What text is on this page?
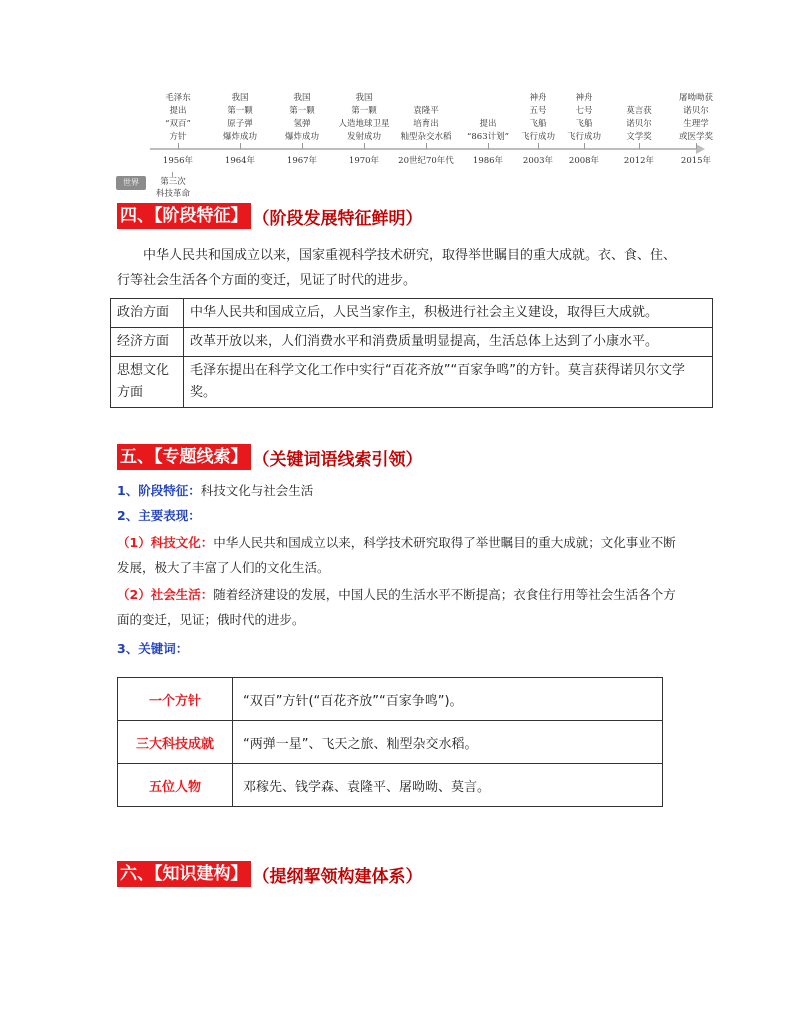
毛泽东
提出
“双百”
方针
1956年
我国
第一颗
原子弹
爆炸成功
1964年
我国
第一颗
氢弹
爆炸成功
1967年
我国
第一颗
人造地球卫星
发射成功
1970年
袁隆平
培育出
籼型杂交水稻
20世纪70年代
提出
“863计划”
1986年
神舟
五号
飞船
飞行成功
2003年
神舟
七号
飞船
飞行成功
2008年
莫言获
诺贝尔
文学奖
2012年
屠呦呦获
诺贝尔
生理学
或医学奖
2015年
世界	第三次
科技革命
四、【阶段特征】 （阶段发展特征鲜明）
中华人民共和国成立以来，国家重视科学技术研究，取得举世瞩目的重大成就。衣、食、住、行等社会生活各个方面的变迁，见证了时代的进步。
政治方面	中华人民共和国成立后，人民当家作主，积极进行社会主义建设，取得巨大成就。
经济方面	改革开放以来，人们消费水平和消费质量明显提高，生活总体上达到了小康水平。
思想文化方面	毛泽东提出在科学文化工作中实行“百花齐放”“百家争鸣”的方针。莫言获得诺贝尔文学奖。
五、【专题线索】 （关键词语线索引领）
1、阶段特征：科技文化与社会生活
2、主要表现：
（1）科技文化：中华人民共和国成立以来，科学技术研究取得了举世瞩目的重大成就；文化事业不断发展，极大了丰富了人们的文化生活。
（2）社会生活：随着经济建设的发展，中国人民的生活水平不断提高；衣食住行用等社会生活各个方面的变迁，见证；俄时代的进步。
3、关键词：
一个方针	“双百”方针(“百花齐放”“百家争鸣”)。
三大科技成就	“两弹一星”、飞天之旅、籼型杂交水稻。
五位人物	邓稼先、钱学森、袁隆平、屠呦呦、莫言。
六、【知识建构】 （提纲挈领构建体系）
